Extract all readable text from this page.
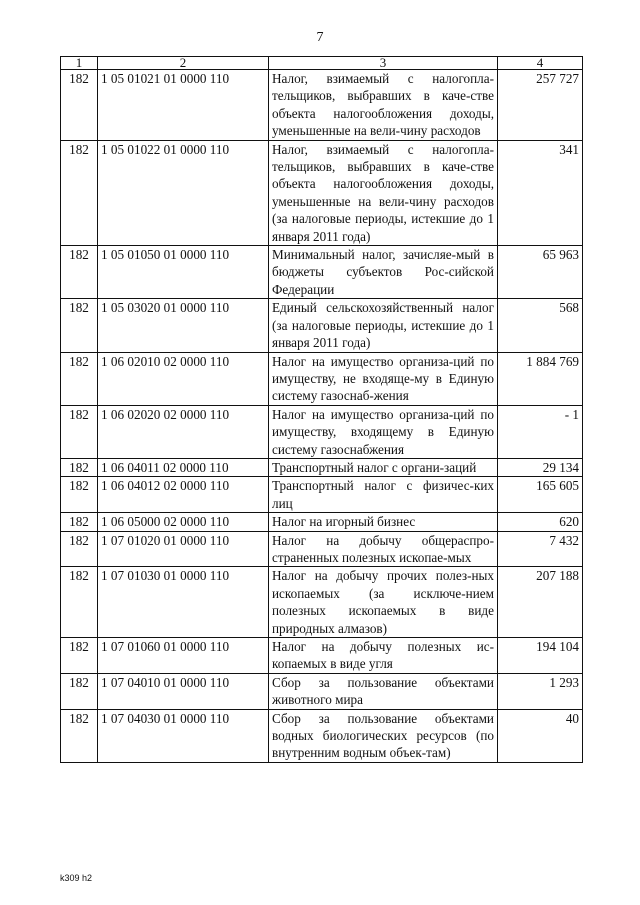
7
1	2	3	4
182	1 05 01021 01 0000 110	Налог, взимаемый с налогопла-тельщиков, выбравших в каче-стве объекта налогообложения доходы, уменьшенные на вели-чину расходов	257 727
182	1 05 01022 01 0000 110	Налог, взимаемый с налогопла-тельщиков, выбравших в каче-стве объекта налогообложения доходы, уменьшенные на вели-чину расходов (за налоговые периоды, истекшие до 1 января 2011 года)	341
182	1 05 01050 01 0000 110	Минимальный налог, зачисляе-мый в бюджеты субъектов Рос-сийской Федерации	65 963
182	1 05 03020 01 0000 110	Единый сельскохозяйственный налог (за налоговые периоды, истекшие до 1 января 2011 года)	568
182	1 06 02010 02 0000 110	Налог на имущество организа-ций по имуществу, не входяще-му в Единую систему газоснаб-жения	1 884 769
182	1 06 02020 02 0000 110	Налог на имущество организа-ций по имуществу, входящему в Единую систему газоснабжения	- 1
182	1 06 04011 02 0000 110	Транспортный налог с органи-заций	29 134
182	1 06 04012 02 0000 110	Транспортный налог с физичес-ких лиц	165 605
182	1 06 05000 02 0000 110	Налог на игорный бизнес	620
182	1 07 01020 01 0000 110	Налог на добычу общераспро-страненных полезных ископае-мых	7 432
182	1 07 01030 01 0000 110	Налог на добычу прочих полез-ных ископаемых (за исключе-нием полезных ископаемых в виде природных алмазов)	207 188
182	1 07 01060 01 0000 110	Налог на добычу полезных ис-копаемых в виде угля	194 104
182	1 07 04010 01 0000 110	Сбор за пользование объектами животного мира	1 293
182	1 07 04030 01 0000 110	Сбор за пользование объектами водных биологических ресурсов (по внутренним водным объек-там)	40
k309 h2
